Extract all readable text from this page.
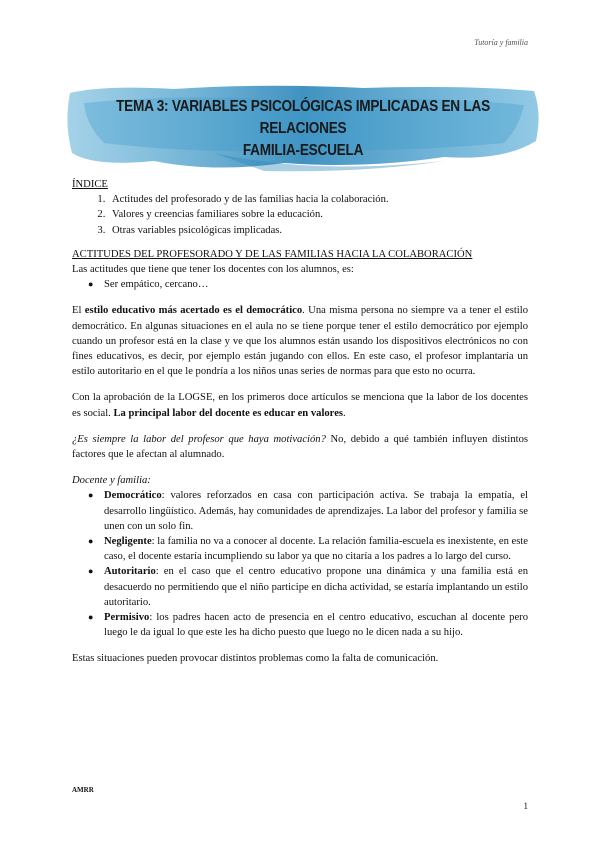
Tutoría y familia
TEMA 3: VARIABLES PSICOLÓGICAS IMPLICADAS EN LAS RELACIONES
FAMILIA-ESCUELA
ÍNDICE
1. Actitudes del profesorado y de las familias hacia la colaboración.
2. Valores y creencias familiares sobre la educación.
3. Otras variables psicológicas implicadas.
ACTITUDES DEL PROFESORADO Y DE LAS FAMILIAS HACIA LA COLABORACIÓN
Las actitudes que tiene que tener los docentes con los alumnos, es:
● Ser empático, cercano…

El estilo educativo más acertado es el democrático. Una misma persona no siempre va a tener el estilo democrático. En algunas situaciones en el aula no se tiene porque tener el estilo democrático por ejemplo cuando un profesor está en la clase y ve que los alumnos están usando los dispositivos electrónicos no con fines educativos, es decir, por ejemplo están jugando con ellos. En este caso, el profesor implantaría un estilo autoritario en el que le pondría a los niños unas series de normas para que esto no ocurra.

Con la aprobación de la LOGSE, en los primeros doce artículos se menciona que la labor de los docentes es social. La principal labor del docente es educar en valores.

¿Es siempre la labor del profesor que haya motivación? No, debido a qué también influyen distintos factores que le afectan al alumnado.

Docente y familia:
● Democrático: valores reforzados en casa con participación activa. Se trabaja la empatía, el desarrollo lingüístico. Además, hay comunidades de aprendizajes. La labor del profesor y familia se unen con un solo fin.
● Negligente: la familia no va a conocer al docente. La relación familia-escuela es inexistente, en este caso, el docente estaría incumpliendo su labor ya que no citaría a los padres a lo largo del curso.
● Autoritario: en el caso que el centro educativo propone una dinámica y una familia está en desacuerdo no permitiendo que el niño participe en dicha actividad, se estaría implantando un estilo autoritario.
● Permisivo: los padres hacen acto de presencia en el centro educativo, escuchan al docente pero luego le da igual lo que este les ha dicho puesto que luego no le dicen nada a su hijo.

Estas situaciones pueden provocar distintos problemas como la falta de comunicación.

AMRR
1
